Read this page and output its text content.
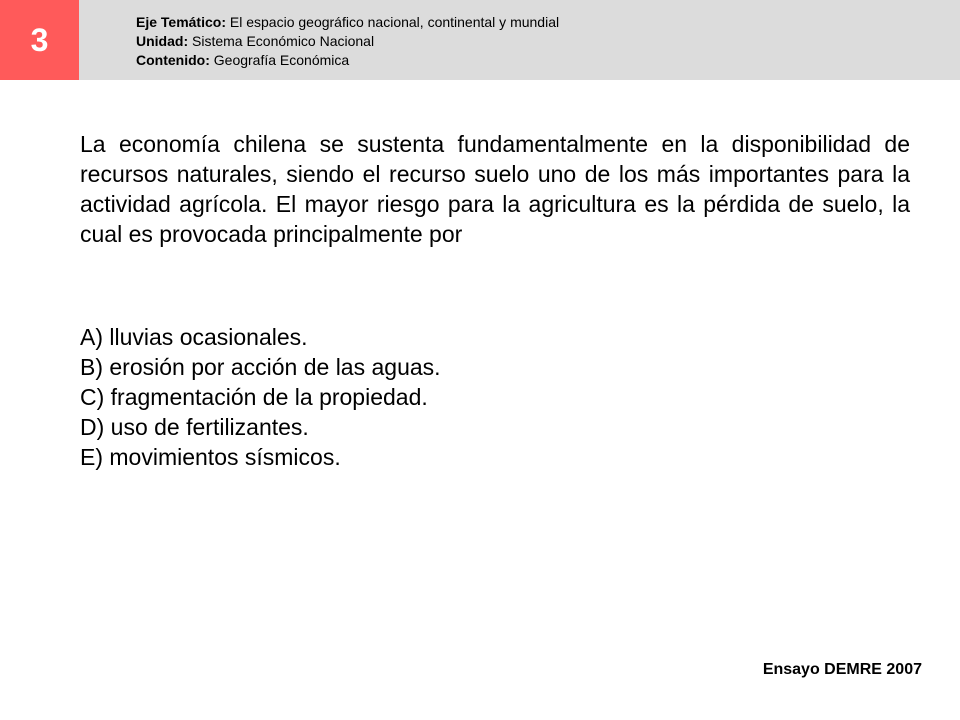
3	Eje Temático: El espacio geográfico nacional, continental y mundial
Unidad: Sistema Económico Nacional
Contenido: Geografía Económica

La economía chilena se sustenta fundamentalmente en la disponibilidad de recursos naturales, siendo el recurso suelo uno de los más importantes para la actividad agrícola. El mayor riesgo para la agricultura es la pérdida de suelo, la cual es provocada principalmente por

A) lluvias ocasionales.
B) erosión por acción de las aguas.
C) fragmentación de la propiedad.
D) uso de fertilizantes.
E) movimientos sísmicos.
Ensayo DEMRE 2007
